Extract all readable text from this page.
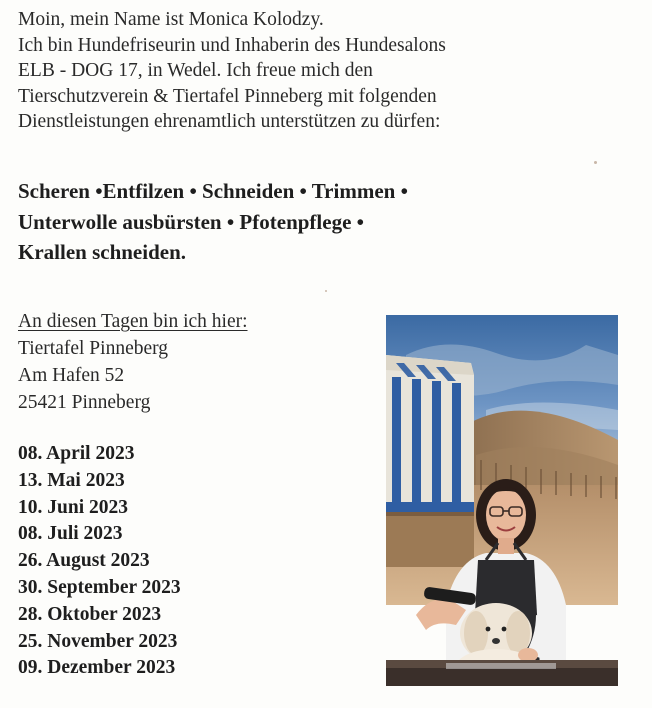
Moin, mein Name ist Monica Kolodzy.
Ich bin Hundefriseurin und Inhaberin des Hundesalons
ELB - DOG 17, in Wedel. Ich freue mich den
Tierschutzverein & Tiertafel Pinneberg mit folgenden
Dienstleistungen ehrenamtlich unterstützen zu dürfen:
Scheren •Entfilzen • Schneiden • Trimmen •
Unterwolle ausbürsten • Pfotenpflege •
Krallen schneiden.
An diesen Tagen bin ich hier:
Tiertafel Pinneberg
Am Hafen 52
25421 Pinneberg
08. April 2023
13. Mai 2023
10. Juni 2023
08. Juli 2023
26. August 2023
30. September 2023
28. Oktober 2023
25. November 2023
09. Dezember 2023
